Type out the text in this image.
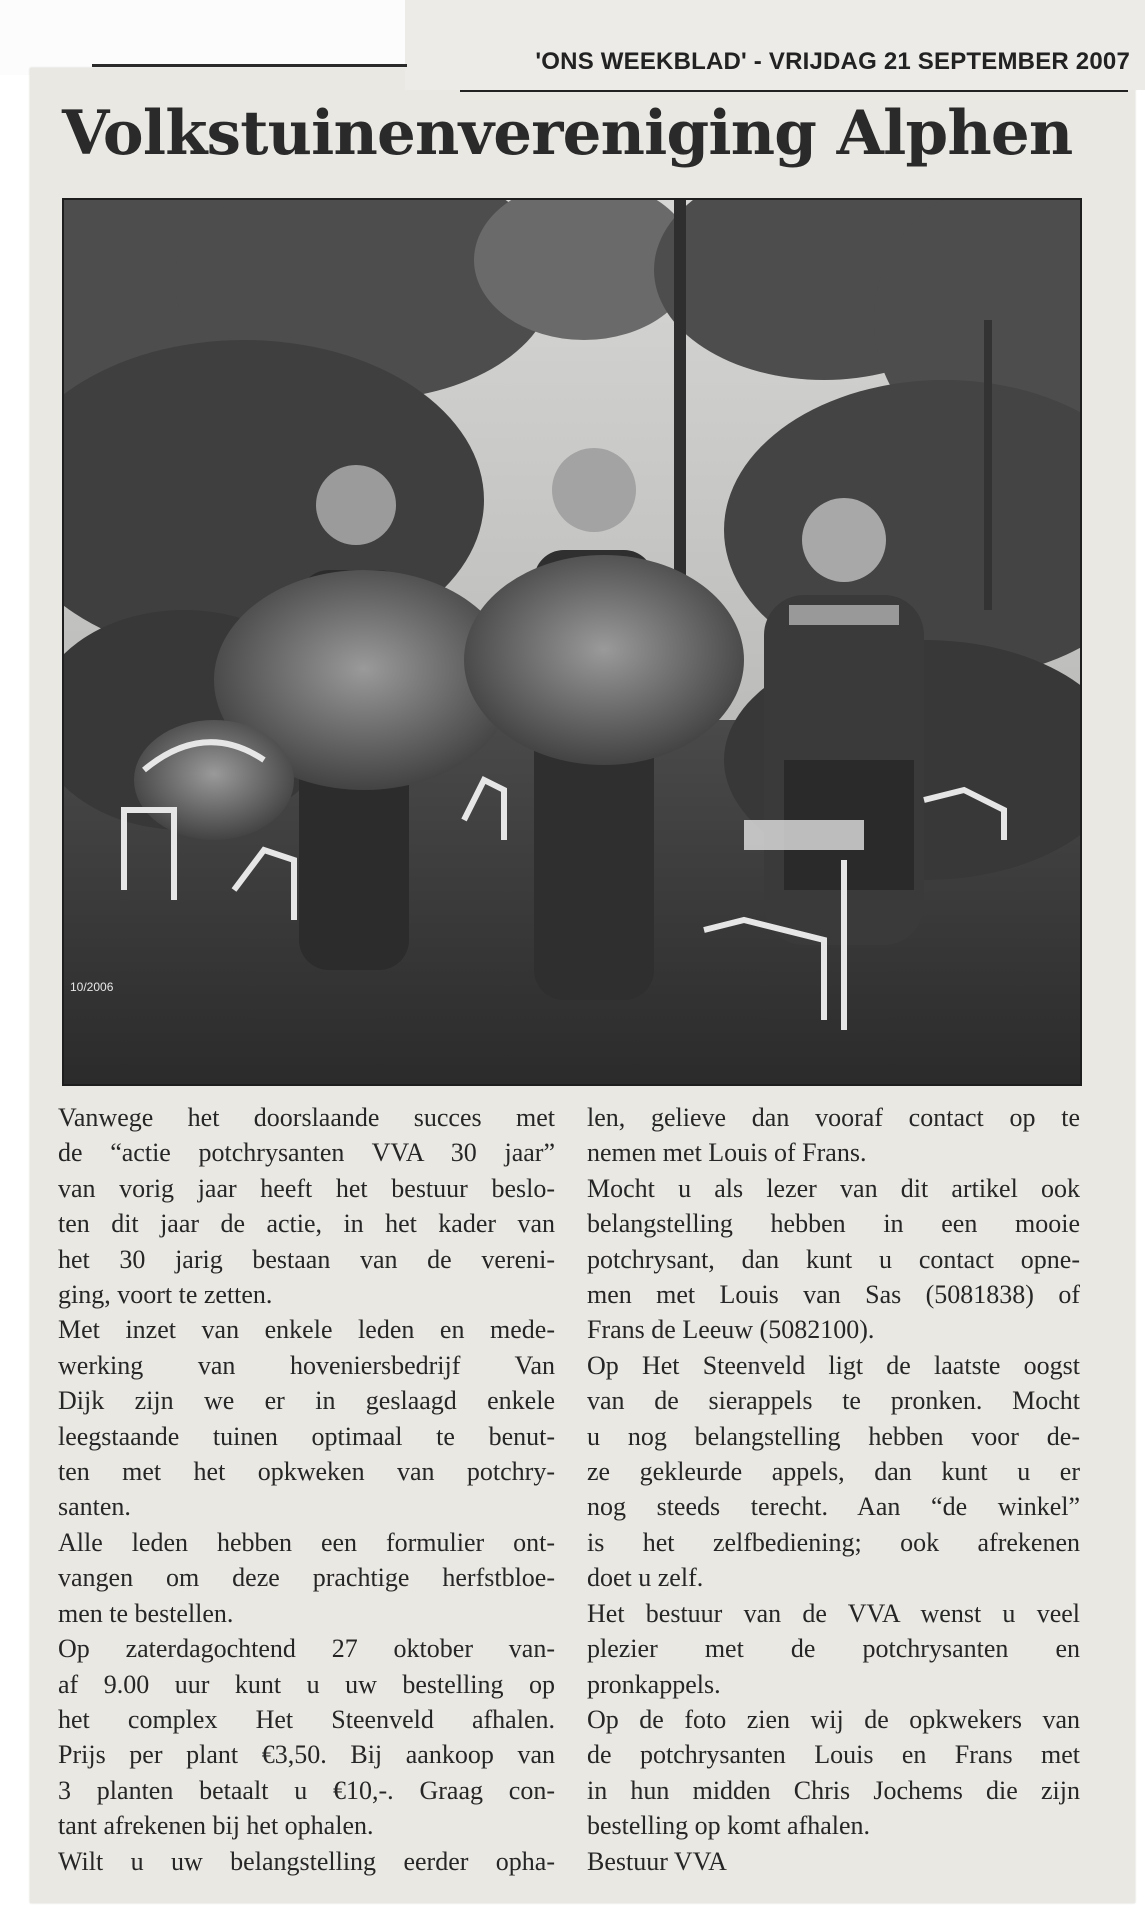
'ONS WEEKBLAD' - VRIJDAG 21 SEPTEMBER 2007
Volkstuinenvereniging Alphen
10/2006
Vanwege het doorslaande succes met
de “actie potchrysanten VVA 30 jaar”
van vorig jaar heeft het bestuur beslo-
ten dit jaar de actie, in het kader van
het 30 jarig bestaan van de vereni-
ging, voort te zetten.
Met inzet van enkele leden en mede-
werking van hoveniersbedrijf Van
Dijk zijn we er in geslaagd enkele
leegstaande tuinen optimaal te benut-
ten met het opkweken van potchry-
santen.
Alle leden hebben een formulier ont-
vangen om deze prachtige herfstbloe-
men te bestellen.
Op zaterdagochtend 27 oktober van-
af 9.00 uur kunt u uw bestelling op
het complex Het Steenveld afhalen.
Prijs per plant €3,50. Bij aankoop van
3 planten betaalt u €10,-. Graag con-
tant afrekenen bij het ophalen.
Wilt u uw belangstelling eerder opha-
len, gelieve dan vooraf contact op te
nemen met Louis of Frans.
Mocht u als lezer van dit artikel ook
belangstelling hebben in een mooie
potchrysant, dan kunt u contact opne-
men met Louis van Sas (5081838) of
Frans de Leeuw (5082100).
Op Het Steenveld ligt de laatste oogst
van de sierappels te pronken. Mocht
u nog belangstelling hebben voor de-
ze gekleurde appels, dan kunt u er
nog steeds terecht. Aan “de winkel”
is het zelfbediening; ook afrekenen
doet u zelf.
Het bestuur van de VVA wenst u veel
plezier met de potchrysanten en
pronkappels.
Op de foto zien wij de opkwekers van
de potchrysanten Louis en Frans met
in hun midden Chris Jochems die zijn
bestelling op komt afhalen.
Bestuur VVA
